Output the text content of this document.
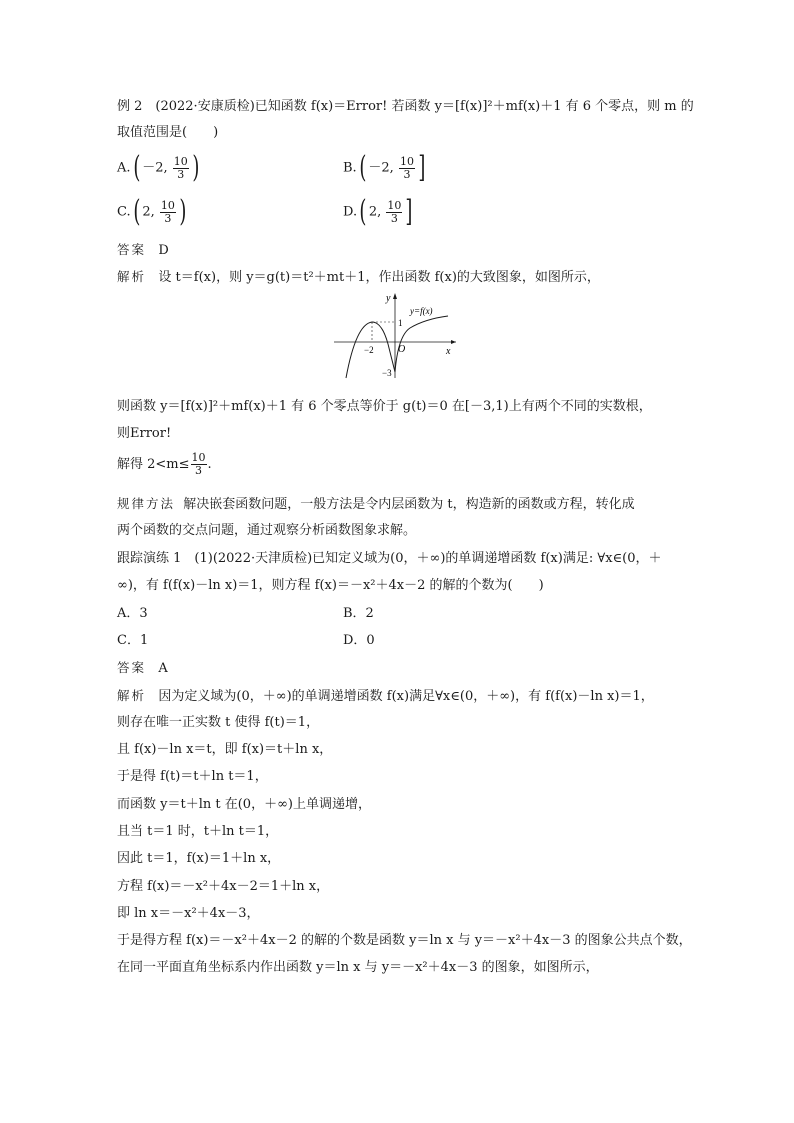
例 2　(2022·安康质检)已知函数 f(x)＝Error! 若函数 y＝[f(x)]²＋mf(x)＋1 有 6 个零点，则 m 的
取值范围是(　　)
A.( －2, $\frac{10}{3}$ )	B.( －2, $\frac{10}{3}$ ]
C.( 2, $\frac{10}{3}$ )	D.( 2, $\frac{10}{3}$ ]
答案 D
解析 设 t＝f(x)，则 y＝g(t)＝t²＋mt＋1，作出函数 f(x)的大致图象，如图所示，
y
x
O
1
−2
−3
y=f(x)
则函数 y＝[f(x)]²＋mf(x)＋1 有 6 个零点等价于 g(t)＝0 在[－3,1)上有两个不同的实数根，
则Error!
解得 $2<m\le \frac{10}{3}$ .
规律方法 解决嵌套函数问题，一般方法是令内层函数为 t，构造新的函数或方程，转化成
两个函数的交点问题，通过观察分析函数图象求解。
跟踪演练 1　(1)(2022·天津质检)已知定义域为(0，＋∞)的单调递增函数 f(x)满足: ∀x∈(0，＋
∞)，有 f(f(x)－ln x)＝1，则方程 f(x)＝－x²＋4x－2 的解的个数为(　　)
A．3	B．2
C．1	D．0
答案 A
解析 因为定义域为(0，＋∞)的单调递增函数 f(x)满足∀x∈(0，＋∞)，有 f(f(x)－ln x)＝1，
则存在唯一正实数 t 使得 f(t)＝1，
且 f(x)－ln x＝t，即 f(x)＝t＋ln x，
于是得 f(t)＝t＋ln t＝1，
而函数 y＝t＋ln t 在(0，＋∞)上单调递增，
且当 t＝1 时，t＋ln t＝1，
因此 t＝1，f(x)＝1＋ln x，
方程 f(x)＝－x²＋4x－2＝1＋ln x，
即 ln x＝－x²＋4x－3，
于是得方程 f(x)＝－x²＋4x－2 的解的个数是函数 y＝ln x 与 y＝－x²＋4x－3 的图象公共点个数，
在同一平面直角坐标系内作出函数 y＝ln x 与 y＝－x²＋4x－3 的图象，如图所示，
